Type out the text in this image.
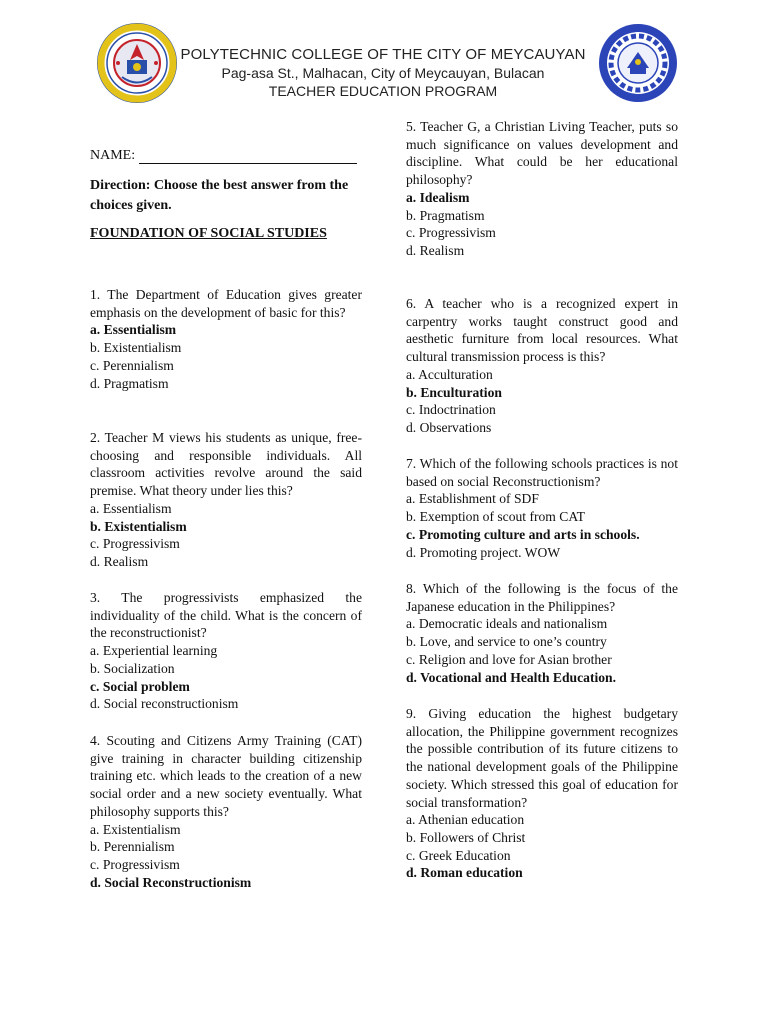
POLYTECHNIC COLLEGE OF THE CITY OF MEYCAUYAN
Pag-asa St., Malhacan, City of Meycauyan, Bulacan
TEACHER EDUCATION PROGRAM
NAME:
Direction: Choose the best answer from the choices given.
FOUNDATION OF SOCIAL STUDIES
1. The Department of Education gives greater emphasis on the development of basic for this?
a. Essentialism
b. Existentialism
c. Perennialism
d. Pragmatism
2. Teacher M views his students as unique, free-choosing and responsible individuals. All classroom activities revolve around the said premise. What theory under lies this?
a. Essentialism
b. Existentialism
c. Progressivism
d. Realism
3. The progressivists emphasized the individuality of the child. What is the concern of the reconstructionist?
a. Experiential learning
b. Socialization
c. Social problem
d. Social reconstructionism
4. Scouting and Citizens Army Training (CAT) give training in character building citizenship training etc. which leads to the creation of a new social order and a new society eventually. What philosophy supports this?
a. Existentialism
b. Perennialism
c. Progressivism
d. Social Reconstructionism
5. Teacher G, a Christian Living Teacher, puts so much significance on values development and discipline. What could be her educational philosophy?
a. Idealism
b. Pragmatism
c. Progressivism
d. Realism
6. A teacher who is a recognized expert in carpentry works taught construct good and aesthetic furniture from local resources. What cultural transmission process is this?
a. Acculturation
b. Enculturation
c. Indoctrination
d. Observations
7. Which of the following schools practices is not based on social Reconstructionism?
a. Establishment of SDF
b. Exemption of scout from CAT
c. Promoting culture and arts in schools.
d. Promoting project. WOW
8. Which of the following is the focus of the Japanese education in the Philippines?
a. Democratic ideals and nationalism
b. Love, and service to one’s country
c. Religion and love for Asian brother
d. Vocational and Health Education.
9. Giving education the highest budgetary allocation, the Philippine government recognizes the possible contribution of its future citizens to the national development goals of the Philippine society. Which stressed this goal of education for social transformation?
a. Athenian education
b. Followers of Christ
c. Greek Education
d. Roman education
